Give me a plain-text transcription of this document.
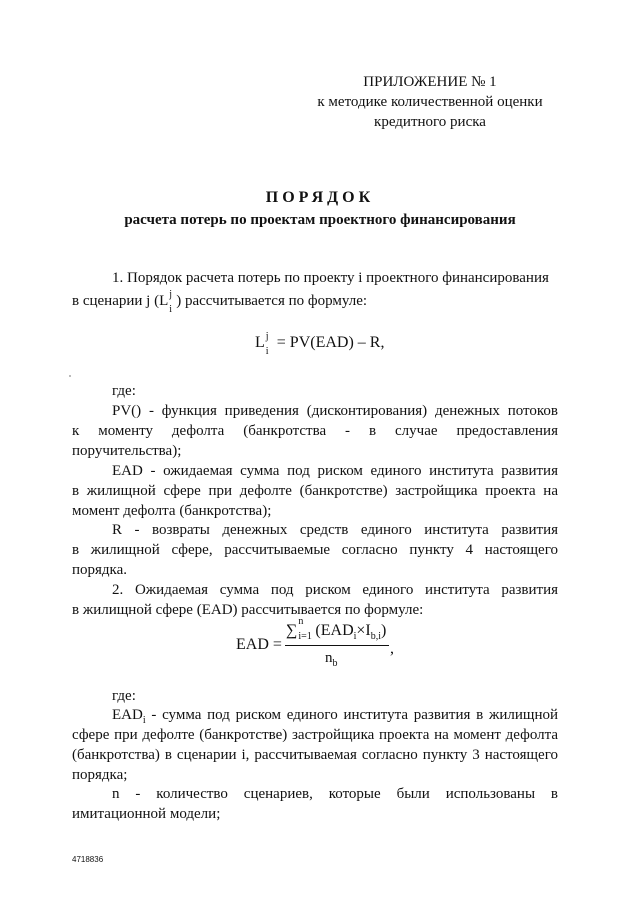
ПРИЛОЖЕНИЕ № 1
к методике количественной оценки
кредитного риска
ПОРЯДОК
расчета потерь по проектам проектного финансирования
1. Порядок расчета потерь по проекту i проектного финансирования
в сценарии j (L j
i
) рассчитывается по формуле:
L j
i
= PV(EAD) – R,
где:
PV() - функция приведения (дисконтирования) денежных потоков
к моменту дефолта (банкротства - в случае предоставления
поручительства);
EAD - ожидаемая сумма под риском единого института развития
в жилищной сфере при дефолте (банкротстве) застройщика проекта на
момент дефолта (банкротства);
R - возвраты денежных средств единого института развития
в жилищной сфере, рассчитываемые согласно пункту 4 настоящего
порядка.
2. Ожидаемая сумма под риском единого института развития
в жилищной сфере (EAD) рассчитывается по формуле:
EAD =
∑
n
i=1 $(EAD_i\times I_{b,i})$
$n_b$
,
где:
$EAD_i$ - сумма под риском единого института развития в жилищной
сфере при дефолте (банкротстве) застройщика проекта на момент дефолта
(банкротства) в сценарии i, рассчитываемая согласно пункту 3 настоящего
порядка;
n - количество сценариев, которые были использованы в
имитационной модели;
4718836
